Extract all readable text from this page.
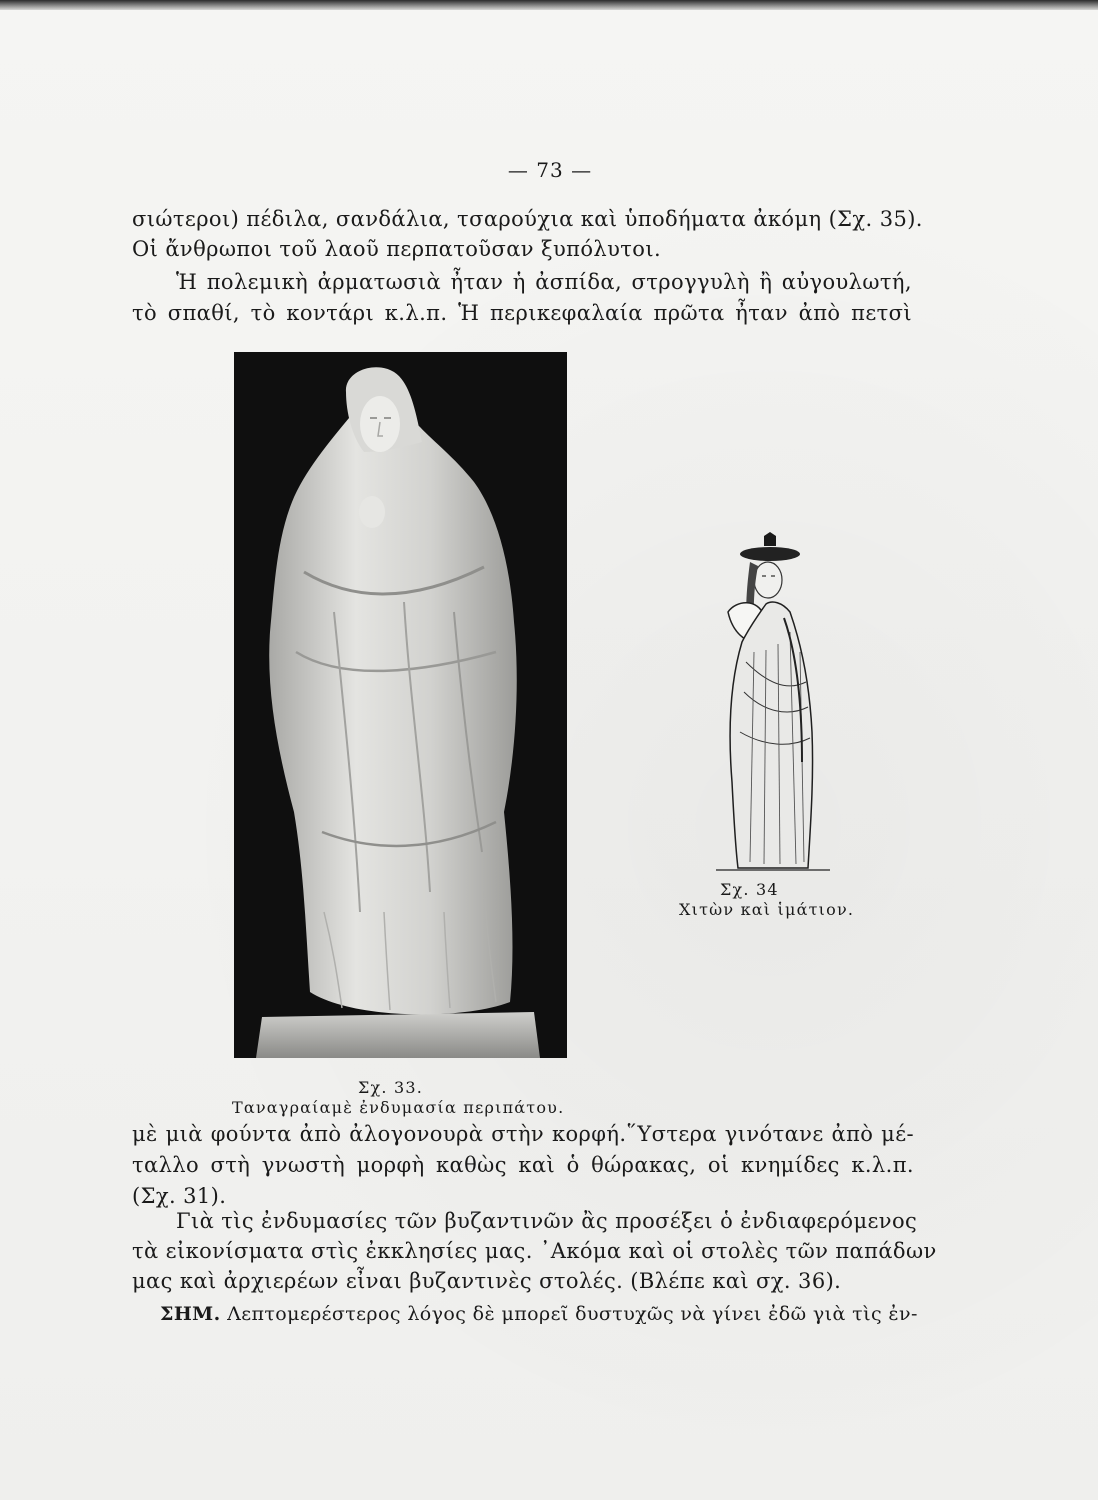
— 73 —
σιώτεροι) πέδιλα, σανδάλια, τσαρούχια καὶ ὑποδήματα ἀκόμη (Σχ. 35).
Οἱ ἄνθρωποι τοῦ λαοῦ περπατοῦσαν ξυπόλυτοι.
Ἡ πολεμικὴ ἀρματωσιὰ ἦταν ἡ ἀσπίδα, στρογγυλὴ ἢ αὐγουλωτή,
τὸ σπαθί, τὸ κοντάρι κ.λ.π. Ἡ περικεφαλαία πρῶτα ἦταν ἀπὸ πετσὶ
Σχ. 34
Χιτὼν καὶ ἱμάτιον.
Σχ. 33.
Ταναγραίαμὲ ἐνδυμασία περιπάτου.
μὲ μιὰ φούντα ἀπὸ ἀλογονουρὰ στὴν κορφή.῞Υστερα γινότανε ἀπὸ μέ-
ταλλο στὴ γνωστὴ μορφὴ καθὼς καὶ ὁ θώρακας, οἱ κνημίδες κ.λ.π.
(Σχ. 31).
Γιὰ τὶς ἐνδυμασίες τῶν βυζαντινῶν ἂς προσέξει ὁ ἐνδιαφερόμενος
τὰ εἰκονίσματα στὶς ἐκκλησίες μας. ᾿Ακόμα καὶ οἱ στολὲς τῶν παπάδων
μας καὶ ἀρχιερέων εἶναι βυζαντινὲς στολές. (Βλέπε καὶ σχ. 36).
ΣΗΜ. Λεπτομερέστερος λόγος δὲ μπορεῖ δυστυχῶς νὰ γίνει ἐδῶ γιὰ τὶς ἐν-
